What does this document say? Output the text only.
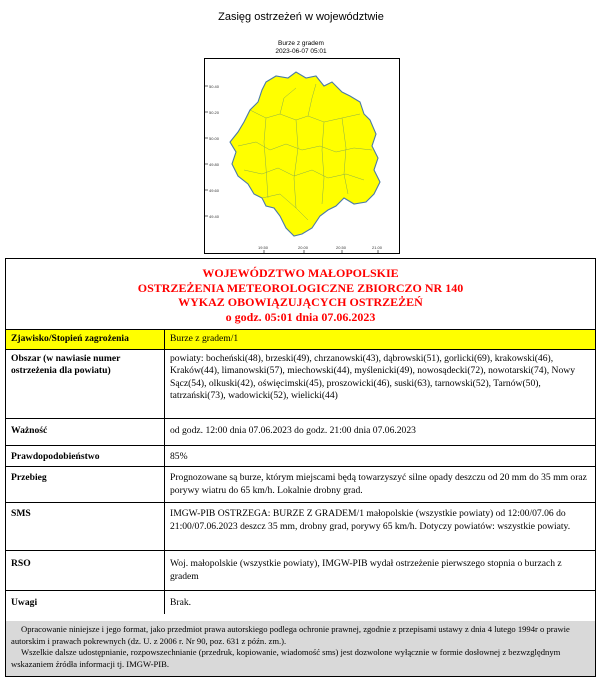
Zasięg ostrzeżeń w województwie
Burze z gradem
2023-06-07 05:01
50.40
50.20
50.00
49.80
49.60
49.40
19.50	20.00	20.50	21.00
WOJEWÓDZTWO MAŁOPOLSKIE
OSTRZEŻENIA METEOROLOGICZNE ZBIORCZO NR 140
WYKAZ OBOWIĄZUJĄCYCH OSTRZEŻEŃ
o godz. 05:01 dnia 07.06.2023
Zjawisko/Stopień zagrożenia	Burze z gradem/1
Obszar (w nawiasie numer ostrzeżenia dla powiatu)	powiaty: bocheński(48), brzeski(49), chrzanowski(43), dąbrowski(51), gorlicki(69), krakowski(46), Kraków(44), limanowski(57), miechowski(44), myślenicki(49), nowosądecki(72), nowotarski(74), Nowy Sącz(54), olkuski(42), oświęcimski(45), proszowicki(46), suski(63), tarnowski(52), Tarnów(50), tatrzański(73), wadowicki(52), wielicki(44)
Ważność	od godz. 12:00 dnia 07.06.2023 do godz. 21:00 dnia 07.06.2023
Prawdopodobieństwo	85%
Przebieg	Prognozowane są burze, którym miejscami będą towarzyszyć silne opady deszczu od 20 mm do 35 mm oraz porywy wiatru do 65 km/h. Lokalnie drobny grad.
SMS	IMGW-PIB OSTRZEGA: BURZE Z GRADEM/1 małopolskie (wszystkie powiaty) od 12:00/07.06 do 21:00/07.06.2023 deszcz 35 mm, drobny grad, porywy 65 km/h. Dotyczy powiatów: wszystkie powiaty.
RSO	Woj. małopolskie (wszystkie powiaty), IMGW-PIB wydał ostrzeżenie pierwszego stopnia o burzach z gradem
Uwagi	Brak.

Opracowanie niniejsze i jego format, jako przedmiot prawa autorskiego podlega ochronie prawnej, zgodnie z przepisami ustawy z dnia 4 lutego 1994r o prawie autorskim i prawach pokrewnych (dz. U. z 2006 r. Nr 90, poz. 631 z późn. zm.).

Wszelkie dalsze udostępnianie, rozpowszechnianie (przedruk, kopiowanie, wiadomość sms) jest dozwolone wyłącznie w formie dosłownej z bezwzględnym wskazaniem źródła informacji tj. IMGW-PIB.
